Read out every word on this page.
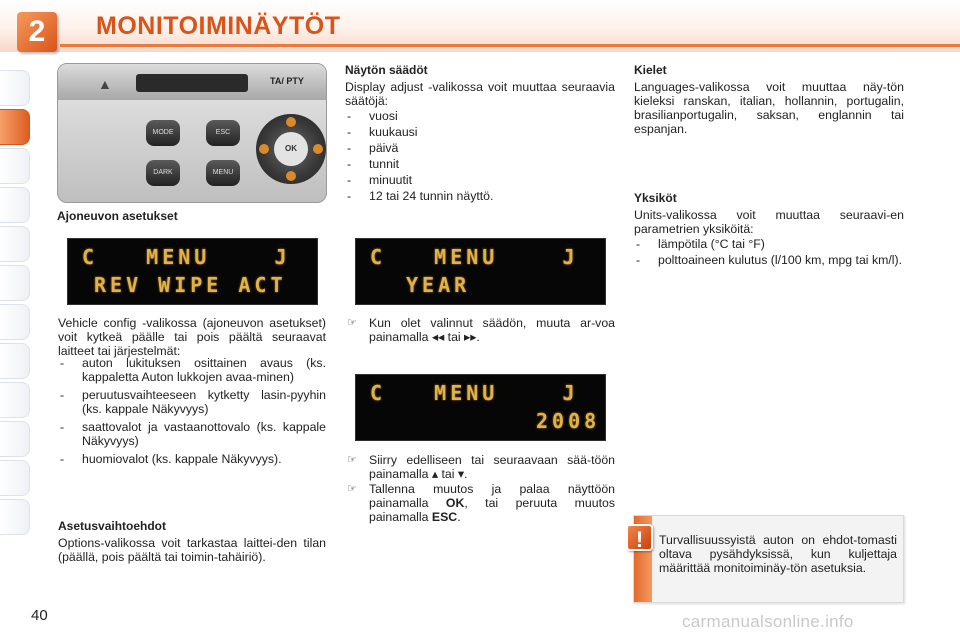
2	MONITOIMINÄYTÖT
▲	TA/ PTY
MODE
DARK
ESC
MENU
OK
Ajoneuvon asetukset
C   MENU    J
REV WIPE ACT
Vehicle config -valikossa (ajoneuvon asetukset) voit kytkeä päälle tai pois päältä seuraavat laitteet tai järjestelmät:
- auton lukituksen osittainen avaus (ks. kappaletta Auton lukkojen avaa-minen)
- peruutusvaihteeseen kytketty lasin-pyyhin (ks. kappale Näkyvyys)
- saattovalot ja vastaanottovalo (ks. kappale Näkyvyys)
- huomiovalot (ks. kappale Näkyvyys).
Asetusvaihtoehdot
Options-valikossa voit tarkastaa laittei-den tilan (päällä, pois päältä tai toimin-tahäiriö).
Näytön säädöt
Display adjust -valikossa voit muuttaa seuraavia säätöjä:
- vuosi
- kuukausi
- päivä
- tunnit
- minuutit
- 12 tai 24 tunnin näyttö.
C   MENU    J
YEAR
☞ Kun olet valinnut säädön, muuta ar-voa painamalla ◂◂ tai ▸▸.
C   MENU    J
2008
☞ Siirry edelliseen tai seuraavaan sää-töön painamalla ▴ tai ▾.
☞ Tallenna muutos ja palaa näyttöön painamalla OK, tai peruuta muutos painamalla ESC.
Kielet
Languages-valikossa voit muuttaa näy-tön kieleksi ranskan, italian, hollannin, portugalin, brasilianportugalin, saksan, englannin tai espanjan.
Yksiköt
Units-valikossa voit muuttaa seuraavi-en parametrien yksiköitä:
- lämpötila (°C tai °F)
- polttoaineen kulutus (l/100 km, mpg tai km/l).
!	Turvallisuussyistä auton on ehdot-tomasti oltava pysähdyksissä, kun kuljettaja määrittää monitoiminäy-tön asetuksia.
40	carmanualsonline.info
